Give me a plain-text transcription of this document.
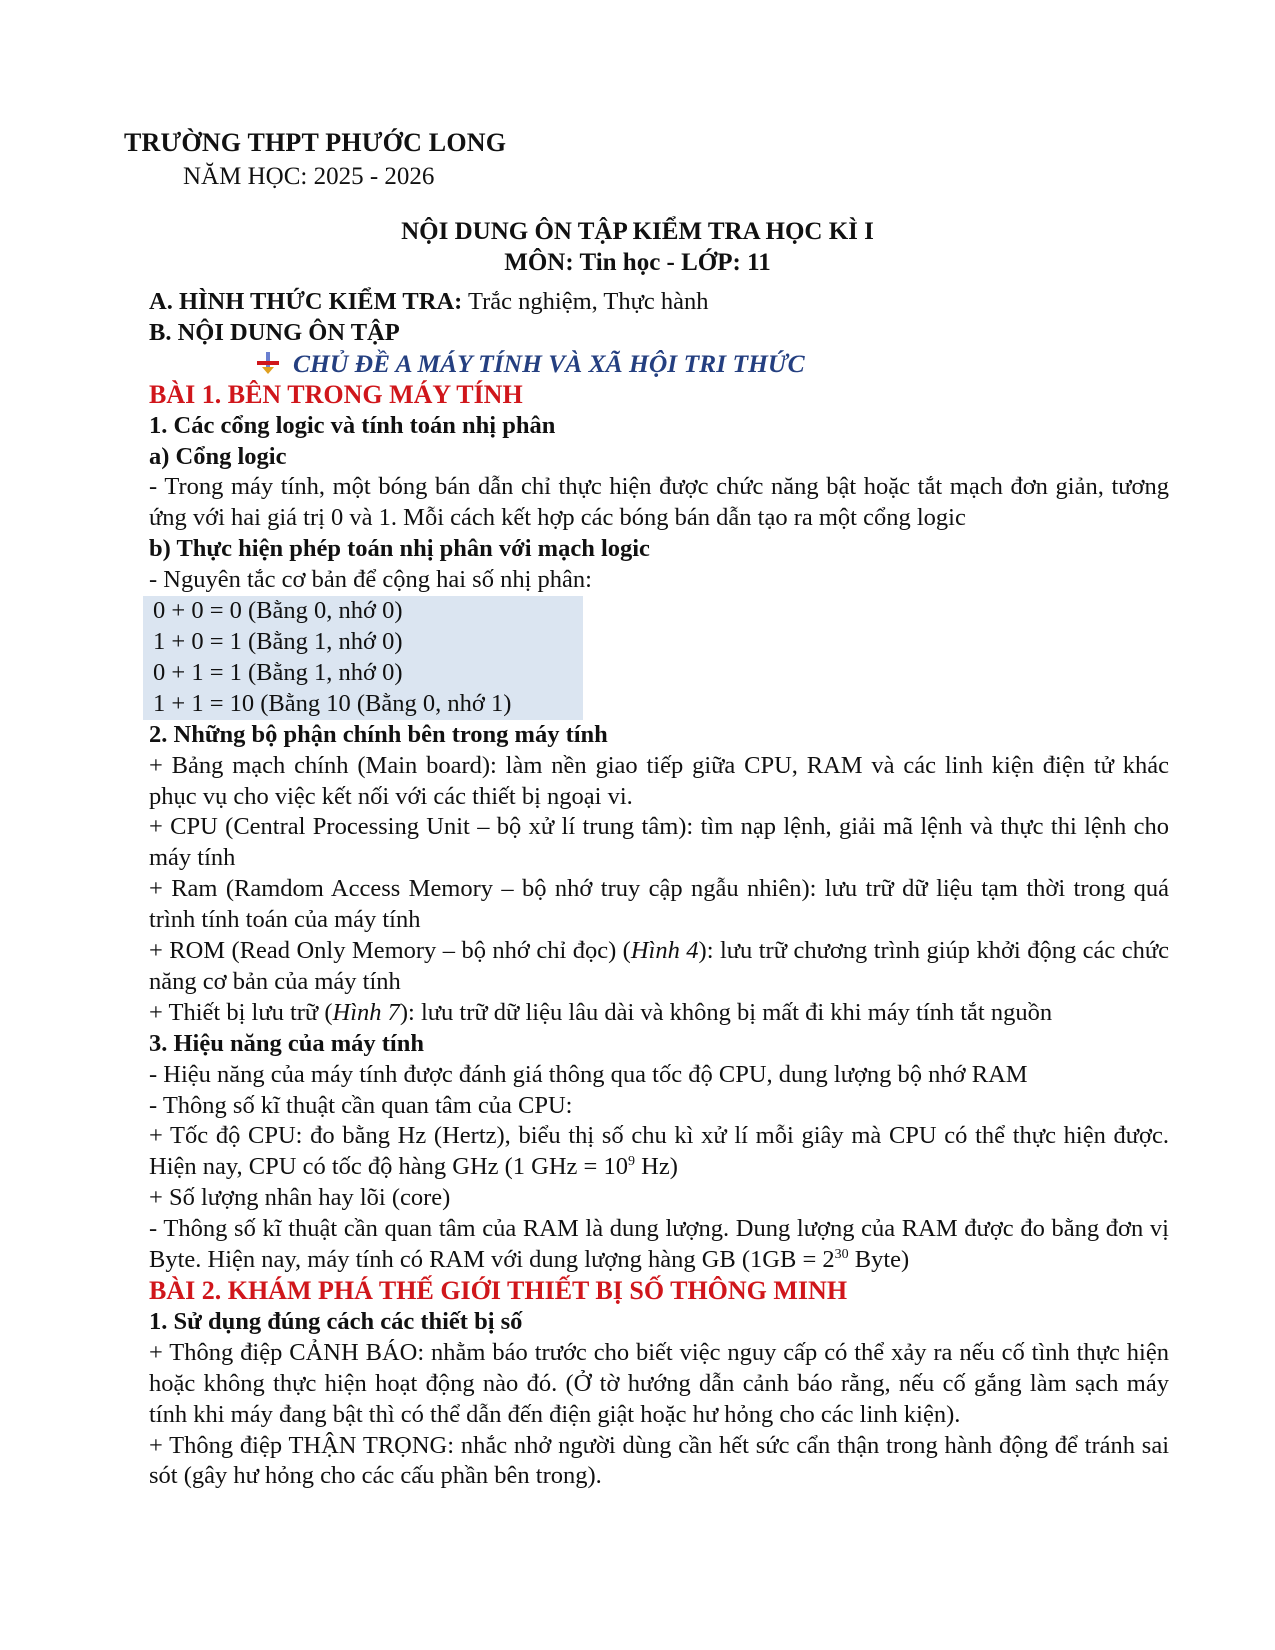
TRƯỜNG THPT PHƯỚC LONG
NĂM HỌC: 2025 - 2026
NỘI DUNG ÔN TẬP KIỂM TRA HỌC KÌ I
MÔN: Tin học - LỚP: 11

A. HÌNH THỨC KIỂM TRA: Trắc nghiệm, Thực hành

B. NỘI DUNG ÔN TẬP

CHỦ ĐỀ A MÁY TÍNH VÀ XÃ HỘI TRI THỨC

BÀI 1. BÊN TRONG MÁY TÍNH

1. Các cổng logic và tính toán nhị phân

a) Cổng logic

- Trong máy tính, một bóng bán dẫn chỉ thực hiện được chức năng bật hoặc tắt mạch đơn giản, tương ứng với hai giá trị 0 và 1. Mỗi cách kết hợp các bóng bán dẫn tạo ra một cổng logic

b) Thực hiện phép toán nhị phân với mạch logic

- Nguyên tắc cơ bản để cộng hai số nhị phân:

0 + 0 = 0 (Bằng 0, nhớ 0)

1 + 0 = 1 (Bằng 1, nhớ 0)

0 + 1 = 1 (Bằng 1, nhớ 0)

1 + 1 = 10 (Bằng 10 (Bằng 0, nhớ 1)

2. Những bộ phận chính bên trong máy tính

+ Bảng mạch chính (Main board): làm nền giao tiếp giữa CPU, RAM và các linh kiện điện tử khác phục vụ cho việc kết nối với các thiết bị ngoại vi.

+ CPU (Central Processing Unit – bộ xử lí trung tâm): tìm nạp lệnh, giải mã lệnh và thực thi lệnh cho máy tính

+ Ram (Ramdom Access Memory – bộ nhớ truy cập ngẫu nhiên): lưu trữ dữ liệu tạm thời trong quá trình tính toán của máy tính

+ ROM (Read Only Memory – bộ nhớ chỉ đọc) (Hình 4): lưu trữ chương trình giúp khởi động các chức năng cơ bản của máy tính

+ Thiết bị lưu trữ (Hình 7): lưu trữ dữ liệu lâu dài và không bị mất đi khi máy tính tắt nguồn

3. Hiệu năng của máy tính

- Hiệu năng của máy tính được đánh giá thông qua tốc độ CPU, dung lượng bộ nhớ RAM

- Thông số kĩ thuật cần quan tâm của CPU:

+ Tốc độ CPU: đo bằng Hz (Hertz), biểu thị số chu kì xử lí mỗi giây mà CPU có thể thực hiện được. Hiện nay, CPU có tốc độ hàng GHz (1 GHz = $10^9$ Hz)

+ Số lượng nhân hay lõi (core)

- Thông số kĩ thuật cần quan tâm của RAM là dung lượng. Dung lượng của RAM được đo bằng đơn vị Byte. Hiện nay, máy tính có RAM với dung lượng hàng GB ($1GB = 2^{30}$ Byte)

BÀI 2. KHÁM PHÁ THẾ GIỚI THIẾT BỊ SỐ THÔNG MINH

1. Sử dụng đúng cách các thiết bị số

+ Thông điệp CẢNH BÁO: nhằm báo trước cho biết việc nguy cấp có thể xảy ra nếu cố tình thực hiện hoặc không thực hiện hoạt động nào đó. (Ở tờ hướng dẫn cảnh báo rằng, nếu cố gắng làm sạch máy tính khi máy đang bật thì có thể dẫn đến điện giật hoặc hư hỏng cho các linh kiện).

+ Thông điệp THẬN TRỌNG: nhắc nhở người dùng cần hết sức cẩn thận trong hành động để tránh sai sót (gây hư hỏng cho các cấu phần bên trong).
